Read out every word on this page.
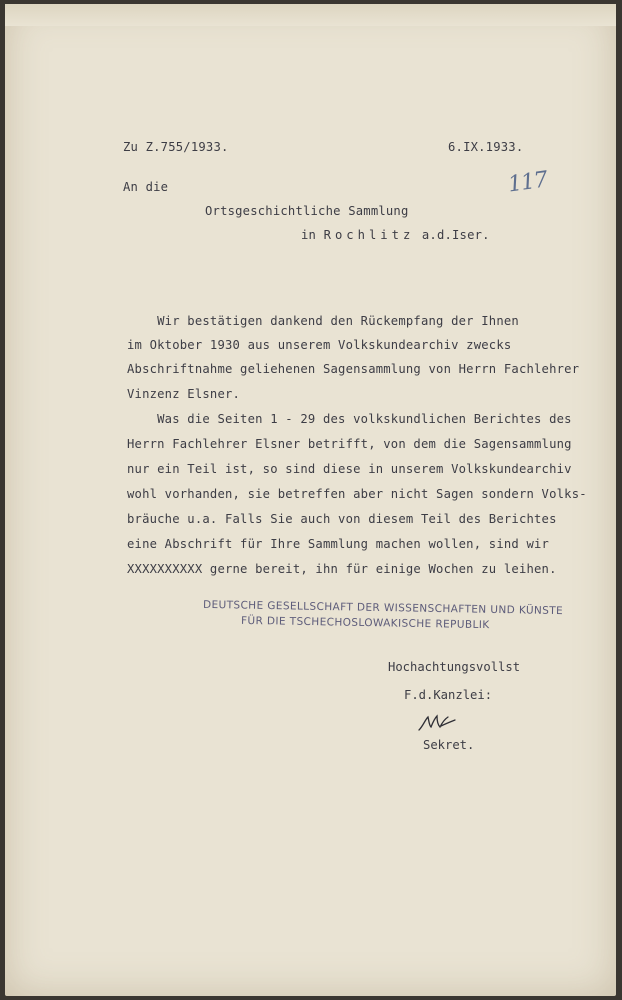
Zu Z.755/1933.	6.IX.1933.
117
An die
Ortsgeschichtliche Sammlung
in Rochlitz a.d.Iser.
Wir bestätigen dankend den Rückempfang der Ihnen
im Oktober 1930 aus unserem Volkskundearchiv zwecks
Abschriftnahme geliehenen Sagensammlung von Herrn Fachlehrer
Vinzenz Elsner.
Was die Seiten 1 - 29 des volkskundlichen Berichtes des
Herrn Fachlehrer Elsner betrifft, von dem die Sagensammlung
nur ein Teil ist, so sind diese in unserem Volkskundearchiv
wohl vorhanden, sie betreffen aber nicht Sagen sondern Volks-
bräuche u.a. Falls Sie auch von diesem Teil des Berichtes
eine Abschrift für Ihre Sammlung machen wollen, sind wir
XXXXXXXXXX gerne bereit, ihn für einige Wochen zu leihen.
DEUTSCHE GESELLSCHAFT DER WISSENSCHAFTEN UND KÜNSTE
FÜR DIE TSCHECHOSLOWAKISCHE REPUBLIK
Hochachtungsvollst
F.d.Kanzlei:
Sekret.
